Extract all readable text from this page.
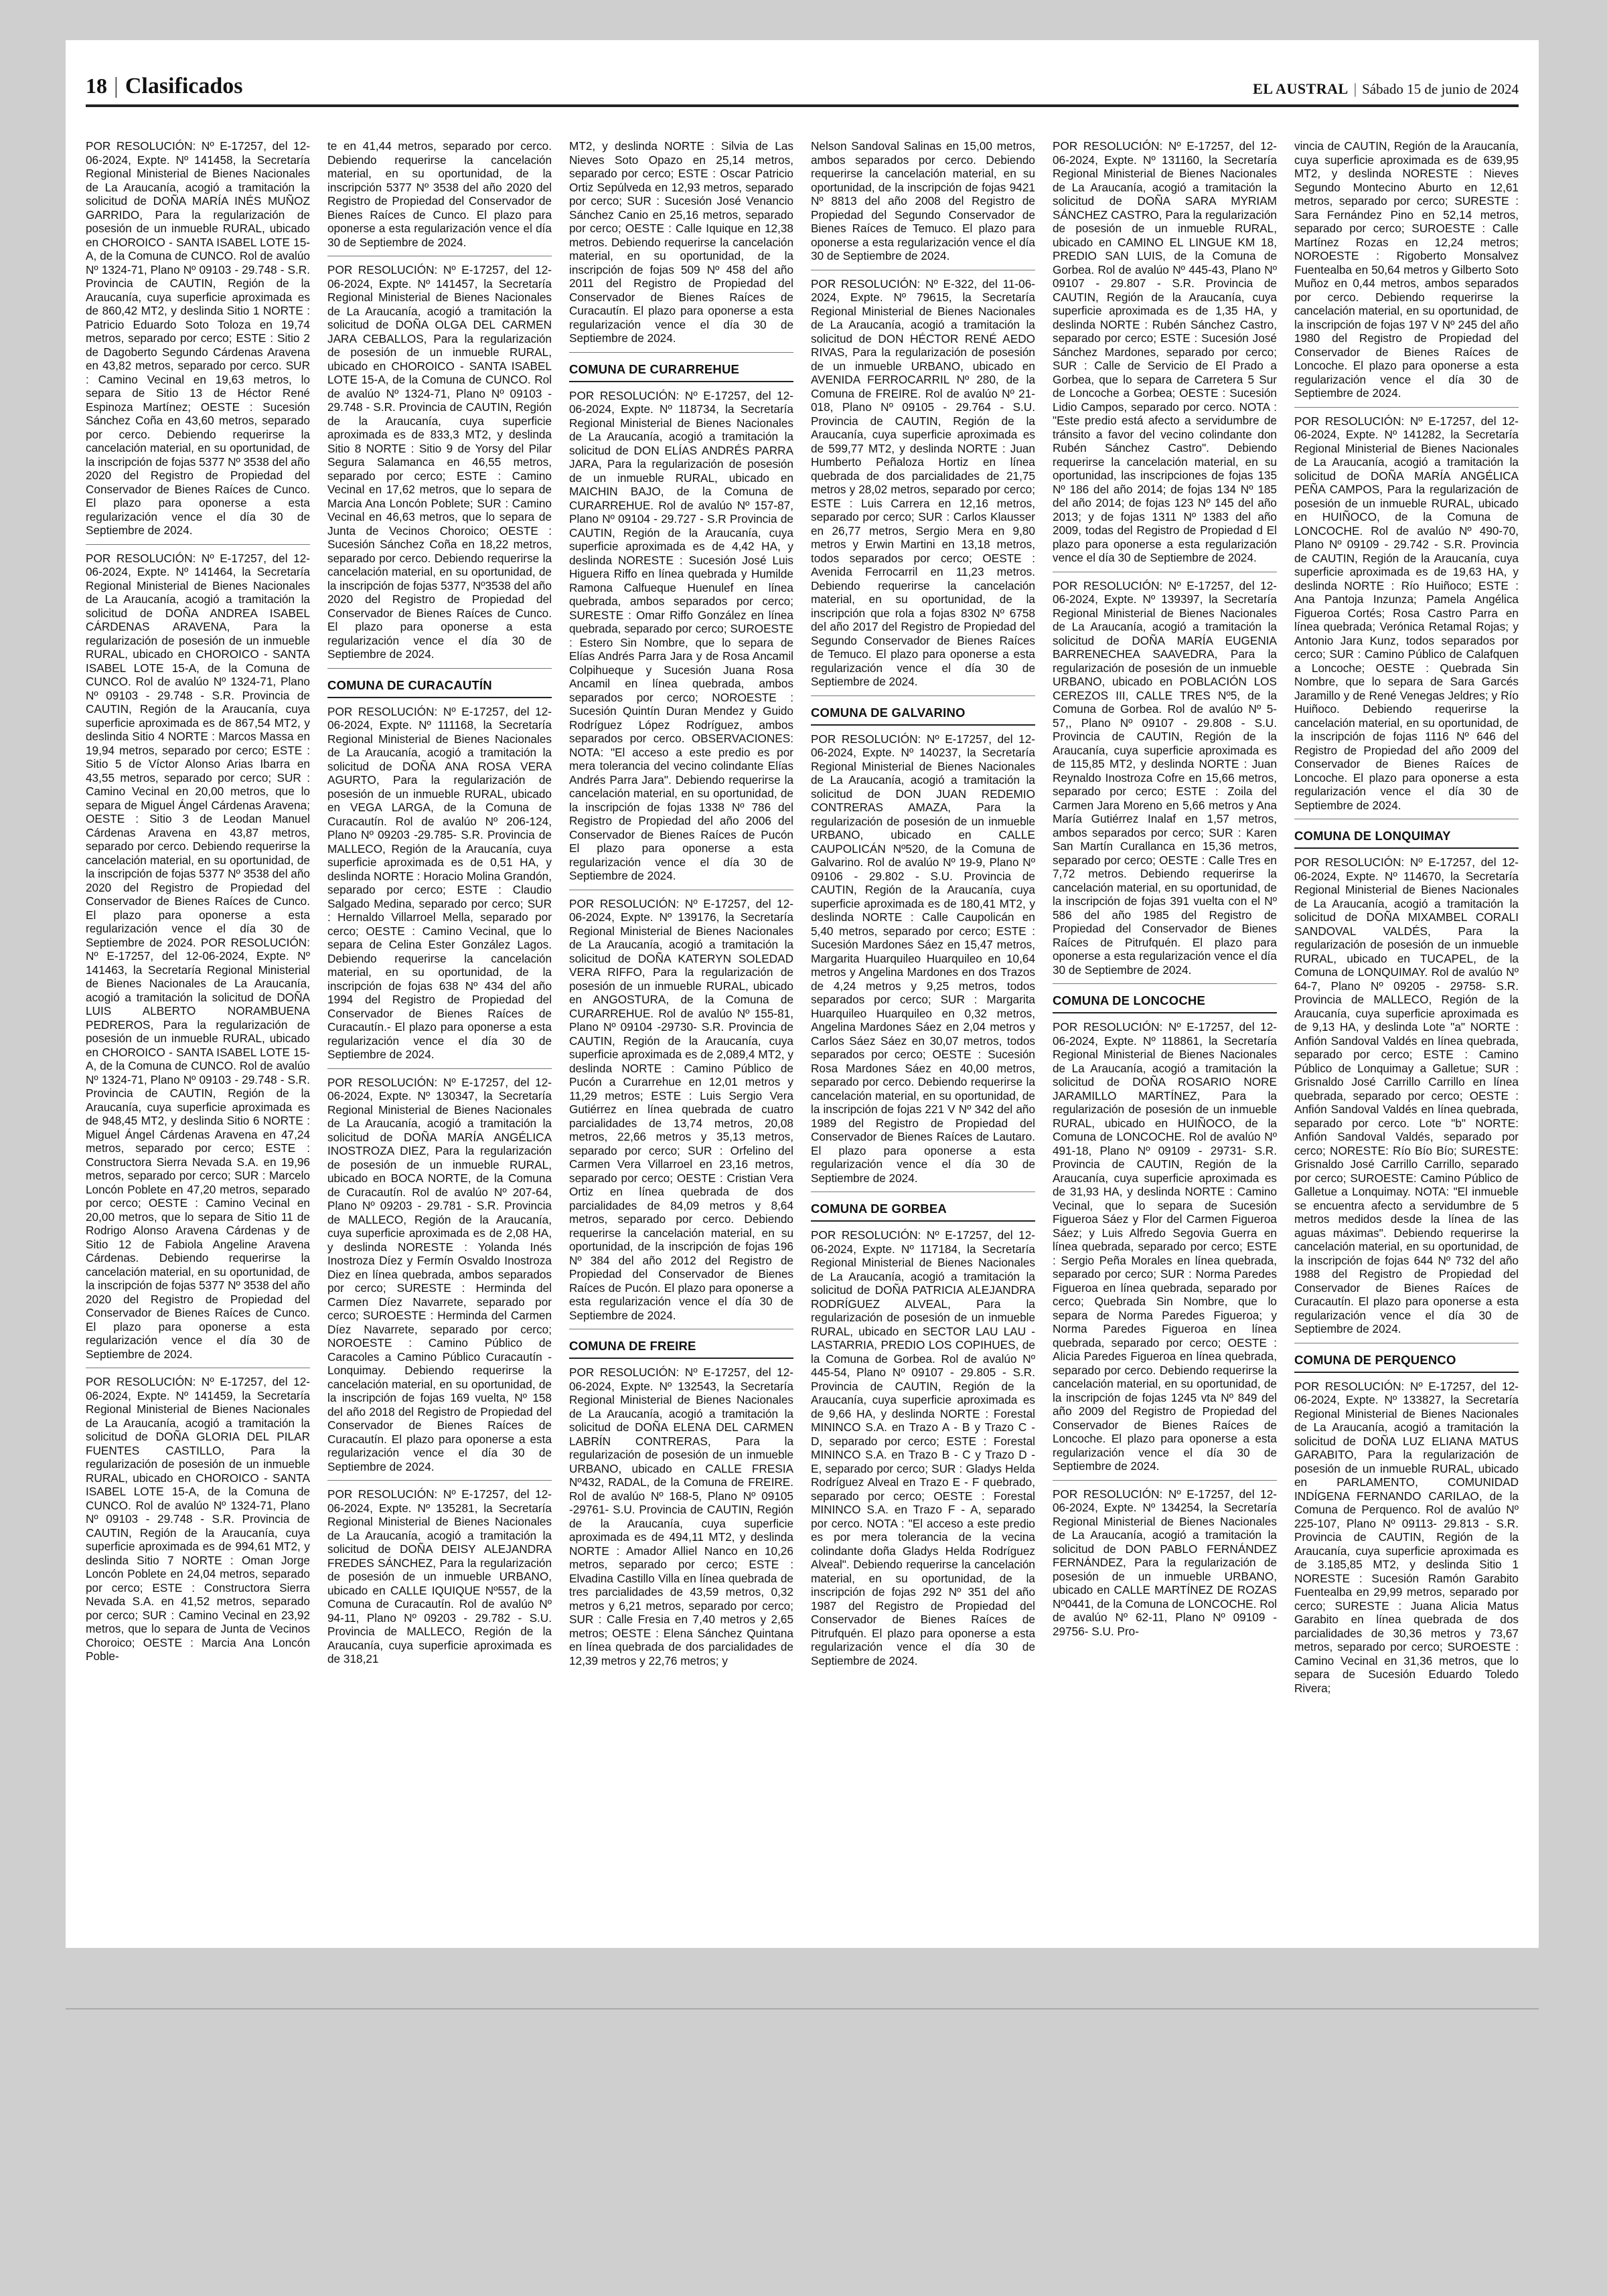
18 | Clasificados	EL AUSTRAL | Sábado 15 de junio de 2024
POR RESOLUCIÓN: Nº E-17257, del 12-06-2024, Expte. Nº 141458, la Secretaría Regional Ministerial de Bienes Nacionales de La Araucanía, acogió a tramitación la solicitud de DOÑA MARÍA INÉS MUÑOZ GARRIDO, Para la regularización de posesión de un inmueble RURAL, ubicado en CHOROICO - SANTA ISABEL LOTE 15-A, de la Comuna de CUNCO. Rol de avalúo Nº 1324-71, Plano Nº 09103 - 29.748 - S.R. Provincia de CAUTIN, Región de la Araucanía, cuya superficie aproximada es de 860,42 MT2, y deslinda Sitio 1 NORTE : Patricio Eduardo Soto Toloza en 19,74 metros, separado por cerco; ESTE : Sitio 2 de Dagoberto Segundo Cárdenas Aravena en 43,82 metros, separado por cerco. SUR : Camino Vecinal en 19,63 metros, lo separa de Sitio 13 de Héctor René Espinoza Martínez; OESTE : Sucesión Sánchez Coña en 43,60 metros, separado por cerco. Debiendo requerirse la cancelación material, en su oportunidad, de la inscripción de fojas 5377 Nº 3538 del año 2020 del Registro de Propiedad del Conservador de Bienes Raíces de Cunco. El plazo para oponerse a esta regularización vence el día 30 de Septiembre de 2024.
POR RESOLUCIÓN: Nº E-17257, del 12-06-2024, Expte. Nº 141464, la Secretaría Regional Ministerial de Bienes Nacionales de La Araucanía, acogió a tramitación la solicitud de DOÑA ANDREA ISABEL CÁRDENAS ARAVENA, Para la regularización de posesión de un inmueble RURAL, ubicado en CHOROICO - SANTA ISABEL LOTE 15-A, de la Comuna de CUNCO. Rol de avalúo Nº 1324-71, Plano Nº 09103 - 29.748 - S.R. Provincia de CAUTIN, Región de la Araucanía, cuya superficie aproximada es de 867,54 MT2, y deslinda Sitio 4 NORTE : Marcos Massa en 19,94 metros, separado por cerco; ESTE : Sitio 5 de Víctor Alonso Arias Ibarra en 43,55 metros, separado por cerco; SUR : Camino Vecinal en 20,00 metros, que lo separa de Miguel Ángel Cárdenas Aravena; OESTE : Sitio 3 de Leodan Manuel Cárdenas Aravena en 43,87 metros, separado por cerco. Debiendo requerirse la cancelación material, en su oportunidad, de la inscripción de fojas 5377 Nº 3538 del año 2020 del Registro de Propiedad del Conservador de Bienes Raíces de Cunco. El plazo para oponerse a esta regularización vence el día 30 de Septiembre de 2024. POR RESOLUCIÓN: Nº E-17257, del 12-06-2024, Expte. Nº 141463, la Secretaría Regional Ministerial de Bienes Nacionales de La Araucanía, acogió a tramitación la solicitud de DOÑA LUIS ALBERTO NORAMBUENA PEDREROS, Para la regularización de posesión de un inmueble RURAL, ubicado en CHOROICO - SANTA ISABEL LOTE 15-A, de la Comuna de CUNCO. Rol de avalúo Nº 1324-71, Plano Nº 09103 - 29.748 - S.R. Provincia de CAUTIN, Región de la Araucanía, cuya superficie aproximada es de 948,45 MT2, y deslinda Sitio 6 NORTE : Miguel Ángel Cárdenas Aravena en 47,24 metros, separado por cerco; ESTE : Constructora Sierra Nevada S.A. en 19,96 metros, separado por cerco; SUR : Marcelo Loncón Poblete en 47,20 metros, separado por cerco; OESTE : Camino Vecinal en 20,00 metros, que lo separa de Sitio 11 de Rodrigo Alonso Aravena Cárdenas y de Sitio 12 de Fabiola Angeline Aravena Cárdenas. Debiendo requerirse la cancelación material, en su oportunidad, de la inscripción de fojas 5377 Nº 3538 del año 2020 del Registro de Propiedad del Conservador de Bienes Raíces de Cunco. El plazo para oponerse a esta regularización vence el día 30 de Septiembre de 2024.
POR RESOLUCIÓN: Nº E-17257, del 12-06-2024, Expte. Nº 141459, la Secretaría Regional Ministerial de Bienes Nacionales de La Araucanía, acogió a tramitación la solicitud de DOÑA GLORIA DEL PILAR FUENTES CASTILLO, Para la regularización de posesión de un inmueble RURAL, ubicado en CHOROICO - SANTA ISABEL LOTE 15-A, de la Comuna de CUNCO. Rol de avalúo Nº 1324-71, Plano Nº 09103 - 29.748 - S.R. Provincia de CAUTIN, Región de la Araucanía, cuya superficie aproximada es de 994,61 MT2, y deslinda Sitio 7 NORTE : Oman Jorge Loncón Poblete en 24,04 metros, separado por cerco; ESTE : Constructora Sierra Nevada S.A. en 41,52 metros, separado por cerco; SUR : Camino Vecinal en 23,92 metros, que lo separa de Junta de Vecinos Choroico; OESTE : Marcia Ana Loncón Poble-
te en 41,44 metros, separado por cerco. Debiendo requerirse la cancelación material, en su oportunidad, de la inscripción 5377 Nº 3538 del año 2020 del Registro de Propiedad del Conservador de Bienes Raíces de Cunco. El plazo para oponerse a esta regularización vence el día 30 de Septiembre de 2024.
POR RESOLUCIÓN: Nº E-17257, del 12-06-2024, Expte. Nº 141457, la Secretaría Regional Ministerial de Bienes Nacionales de La Araucanía, acogió a tramitación la solicitud de DOÑA OLGA DEL CARMEN JARA CEBALLOS, Para la regularización de posesión de un inmueble RURAL, ubicado en CHOROICO - SANTA ISABEL LOTE 15-A, de la Comuna de CUNCO. Rol de avalúo Nº 1324-71, Plano Nº 09103 - 29.748 - S.R. Provincia de CAUTIN, Región de la Araucanía, cuya superficie aproximada es de 833,3 MT2, y deslinda Sitio 8 NORTE : Sitio 9 de Yorsy del Pilar Segura Salamanca en 46,55 metros, separado por cerco; ESTE : Camino Vecinal en 17,62 metros, que lo separa de Marcia Ana Loncón Poblete; SUR : Camino Vecinal en 46,63 metros, que lo separa de Junta de Vecinos Choroico; OESTE : Sucesión Sánchez Coña en 18,22 metros, separado por cerco. Debiendo requerirse la cancelación material, en su oportunidad, de la inscripción de fojas 5377, Nº3538 del año 2020 del Registro de Propiedad del Conservador de Bienes Raíces de Cunco. El plazo para oponerse a esta regularización vence el día 30 de Septiembre de 2024.
COMUNA DE CURACAUTÍN
POR RESOLUCIÓN: Nº E-17257, del 12-06-2024, Expte. Nº 111168, la Secretaría Regional Ministerial de Bienes Nacionales de La Araucanía, acogió a tramitación la solicitud de DOÑA ANA ROSA VERA AGURTO, Para la regularización de posesión de un inmueble RURAL, ubicado en VEGA LARGA, de la Comuna de Curacautín. Rol de avalúo Nº 206-124, Plano Nº 09203 -29.785- S.R. Provincia de MALLECO, Región de la Araucanía, cuya superficie aproximada es de 0,51 HA, y deslinda NORTE : Horacio Molina Grandón, separado por cerco; ESTE : Claudio Salgado Medina, separado por cerco; SUR : Hernaldo Villarroel Mella, separado por cerco; OESTE : Camino Vecinal, que lo separa de Celina Ester González Lagos. Debiendo requerirse la cancelación material, en su oportunidad, de la inscripción de fojas 638 Nº 434 del año 1994 del Registro de Propiedad del Conservador de Bienes Raíces de Curacautín.- El plazo para oponerse a esta regularización vence el día 30 de Septiembre de 2024.
POR RESOLUCIÓN: Nº E-17257, del 12-06-2024, Expte. Nº 130347, la Secretaría Regional Ministerial de Bienes Nacionales de La Araucanía, acogió a tramitación la solicitud de DOÑA MARÍA ANGÉLICA INOSTROZA DIEZ, Para la regularización de posesión de un inmueble RURAL, ubicado en BOCA NORTE, de la Comuna de Curacautín. Rol de avalúo Nº 207-64, Plano Nº 09203 - 29.781 - S.R. Provincia de MALLECO, Región de la Araucanía, cuya superficie aproximada es de 2,08 HA, y deslinda NORESTE : Yolanda Inés Inostroza Díez y Fermín Osvaldo Inostroza Diez en línea quebrada, ambos separados por cerco; SURESTE : Herminda del Carmen Díez Navarrete, separado por cerco; SUROESTE : Herminda del Carmen Díez Navarrete, separado por cerco; NOROESTE : Camino Público de Caracoles a Camino Público Curacautín - Lonquimay. Debiendo requerirse la cancelación material, en su oportunidad, de la inscripción de fojas 169 vuelta, Nº 158 del año 2018 del Registro de Propiedad del Conservador de Bienes Raíces de Curacautín. El plazo para oponerse a esta regularización vence el día 30 de Septiembre de 2024.
POR RESOLUCIÓN: Nº E-17257, del 12-06-2024, Expte. Nº 135281, la Secretaría Regional Ministerial de Bienes Nacionales de La Araucanía, acogió a tramitación la solicitud de DOÑA DEISY ALEJANDRA FREDES SÁNCHEZ, Para la regularización de posesión de un inmueble URBANO, ubicado en CALLE IQUIQUE Nº557, de la Comuna de Curacautín. Rol de avalúo Nº 94-11, Plano Nº 09203 - 29.782 - S.U. Provincia de MALLECO, Región de la Araucanía, cuya superficie aproximada es de 318,21
MT2, y deslinda NORTE : Silvia de Las Nieves Soto Opazo en 25,14 metros, separado por cerco; ESTE : Oscar Patricio Ortiz Sepúlveda en 12,93 metros, separado por cerco; SUR : Sucesión José Venancio Sánchez Canio en 25,16 metros, separado por cerco; OESTE : Calle Iquique en 12,38 metros. Debiendo requerirse la cancelación material, en su oportunidad, de la inscripción de fojas 509 Nº 458 del año 2011 del Registro de Propiedad del Conservador de Bienes Raíces de Curacautín. El plazo para oponerse a esta regularización vence el día 30 de Septiembre de 2024.
COMUNA DE CURARREHUE
POR RESOLUCIÓN: Nº E-17257, del 12-06-2024, Expte. Nº 118734, la Secretaría Regional Ministerial de Bienes Nacionales de La Araucanía, acogió a tramitación la solicitud de DON ELÍAS ANDRÉS PARRA JARA, Para la regularización de posesión de un inmueble RURAL, ubicado en MAICHIN BAJO, de la Comuna de CURARREHUE. Rol de avalúo Nº 157-87, Plano Nº 09104 - 29.727 - S.R Provincia de CAUTIN, Región de la Araucanía, cuya superficie aproximada es de 4,42 HA, y deslinda NORESTE : Sucesión José Luis Higuera Riffo en línea quebrada y Humilde Ramona Calfueque Huenulef en línea quebrada, ambos separados por cerco; SURESTE : Omar Riffo González en línea quebrada, separado por cerco; SUROESTE : Estero Sin Nombre, que lo separa de Elías Andrés Parra Jara y de Rosa Ancamil Colpihueque y Sucesión Juana Rosa Ancamil en línea quebrada, ambos separados por cerco; NOROESTE : Sucesión Quintín Duran Mendez y Guido Rodríguez López Rodríguez, ambos separados por cerco. OBSERVACIONES: NOTA: "El acceso a este predio es por mera tolerancia del vecino colindante Elías Andrés Parra Jara". Debiendo requerirse la cancelación material, en su oportunidad, de la inscripción de fojas 1338 Nº 786 del Registro de Propiedad del año 2006 del Conservador de Bienes Raíces de Pucón El plazo para oponerse a esta regularización vence el día 30 de Septiembre de 2024.
POR RESOLUCIÓN: Nº E-17257, del 12-06-2024, Expte. Nº 139176, la Secretaría Regional Ministerial de Bienes Nacionales de La Araucanía, acogió a tramitación la solicitud de DOÑA KATERYN SOLEDAD VERA RIFFO, Para la regularización de posesión de un inmueble RURAL, ubicado en ANGOSTURA, de la Comuna de CURARREHUE. Rol de avalúo Nº 155-81, Plano Nº 09104 -29730- S.R. Provincia de CAUTIN, Región de la Araucanía, cuya superficie aproximada es de 2,089,4 MT2, y deslinda NORTE : Camino Público de Pucón a Curarrehue en 12,01 metros y 11,29 metros; ESTE : Luis Sergio Vera Gutiérrez en línea quebrada de cuatro parcialidades de 13,74 metros, 20,08 metros, 22,66 metros y 35,13 metros, separado por cerco; SUR : Orfelino del Carmen Vera Villarroel en 23,16 metros, separado por cerco; OESTE : Cristian Vera Ortiz en línea quebrada de dos parcialidades de 84,09 metros y 8,64 metros, separado por cerco. Debiendo requerirse la cancelación material, en su oportunidad, de la inscripción de fojas 196 Nº 384 del año 2012 del Registro de Propiedad del Conservador de Bienes Raíces de Pucón. El plazo para oponerse a esta regularización vence el día 30 de Septiembre de 2024.
COMUNA DE FREIRE
POR RESOLUCIÓN: Nº E-17257, del 12-06-2024, Expte. Nº 132543, la Secretaría Regional Ministerial de Bienes Nacionales de La Araucanía, acogió a tramitación la solicitud de DOÑA ELENA DEL CARMEN LABRÍN CONTRERAS, Para la regularización de posesión de un inmueble URBANO, ubicado en CALLE FRESIA Nº432, RADAL, de la Comuna de FREIRE. Rol de avalúo Nº 168-5, Plano Nº 09105 -29761- S.U. Provincia de CAUTIN, Región de la Araucanía, cuya superficie aproximada es de 494,11 MT2, y deslinda NORTE : Amador Alliel Nanco en 10,26 metros, separado por cerco; ESTE : Elvadina Castillo Villa en línea quebrada de tres parcialidades de 43,59 metros, 0,32 metros y 6,21 metros, separado por cerco; SUR : Calle Fresia en 7,40 metros y 2,65 metros; OESTE : Elena Sánchez Quintana en línea quebrada de dos parcialidades de 12,39 metros y 22,76 metros; y
Nelson Sandoval Salinas en 15,00 metros, ambos separados por cerco. Debiendo requerirse la cancelación material, en su oportunidad, de la inscripción de fojas 9421 Nº 8813 del año 2008 del Registro de Propiedad del Segundo Conservador de Bienes Raíces de Temuco. El plazo para oponerse a esta regularización vence el día 30 de Septiembre de 2024.
POR RESOLUCIÓN: Nº E-322, del 11-06-2024, Expte. Nº 79615, la Secretaría Regional Ministerial de Bienes Nacionales de La Araucanía, acogió a tramitación la solicitud de DON HÉCTOR RENÉ AEDO RIVAS, Para la regularización de posesión de un inmueble URBANO, ubicado en AVENIDA FERROCARRIL Nº 280, de la Comuna de FREIRE. Rol de avalúo Nº 21-018, Plano Nº 09105 - 29.764 - S.U. Provincia de CAUTIN, Región de la Araucanía, cuya superficie aproximada es de 599,77 MT2, y deslinda NORTE : Juan Humberto Peñaloza Hortiz en línea quebrada de dos parcialidades de 21,75 metros y 28,02 metros, separado por cerco; ESTE : Luis Carrera en 12,16 metros, separado por cerco; SUR : Carlos Klausser en 26,77 metros, Sergio Mera en 9,80 metros y Erwin Martini en 13,18 metros, todos separados por cerco; OESTE : Avenida Ferrocarril en 11,23 metros. Debiendo requerirse la cancelación material, en su oportunidad, de la inscripción que rola a fojas 8302 Nº 6758 del año 2017 del Registro de Propiedad del Segundo Conservador de Bienes Raíces de Temuco. El plazo para oponerse a esta regularización vence el día 30 de Septiembre de 2024.
COMUNA DE GALVARINO
POR RESOLUCIÓN: Nº E-17257, del 12-06-2024, Expte. Nº 140237, la Secretaría Regional Ministerial de Bienes Nacionales de La Araucanía, acogió a tramitación la solicitud de DON JUAN REDEMIO CONTRERAS AMAZA, Para la regularización de posesión de un inmueble URBANO, ubicado en CALLE CAUPOLICÁN Nº520, de la Comuna de Galvarino. Rol de avalúo Nº 19-9, Plano Nº 09106 - 29.802 - S.U. Provincia de CAUTIN, Región de la Araucanía, cuya superficie aproximada es de 180,41 MT2, y deslinda NORTE : Calle Caupolicán en 5,40 metros, separado por cerco; ESTE : Sucesión Mardones Sáez en 15,47 metros, Margarita Huarquileo Huarquileo en 10,64 metros y Angelina Mardones en dos Trazos de 4,24 metros y 9,25 metros, todos separados por cerco; SUR : Margarita Huarquileo Huarquileo en 0,32 metros, Angelina Mardones Sáez en 2,04 metros y Carlos Sáez Sáez en 30,07 metros, todos separados por cerco; OESTE : Sucesión Rosa Mardones Sáez en 40,00 metros, separado por cerco. Debiendo requerirse la cancelación material, en su oportunidad, de la inscripción de fojas 221 V Nº 342 del año 1989 del Registro de Propiedad del Conservador de Bienes Raíces de Lautaro. El plazo para oponerse a esta regularización vence el día 30 de Septiembre de 2024.
COMUNA DE GORBEA
POR RESOLUCIÓN: Nº E-17257, del 12-06-2024, Expte. Nº 117184, la Secretaría Regional Ministerial de Bienes Nacionales de La Araucanía, acogió a tramitación la solicitud de DOÑA PATRICIA ALEJANDRA RODRÍGUEZ ALVEAL, Para la regularización de posesión de un inmueble RURAL, ubicado en SECTOR LAU LAU - LASTARRIA, PREDIO LOS COPIHUES, de la Comuna de Gorbea. Rol de avalúo Nº 445-54, Plano Nº 09107 - 29.805 - S.R. Provincia de CAUTIN, Región de la Araucanía, cuya superficie aproximada es de 9,66 HA, y deslinda NORTE : Forestal MININCO S.A. en Trazo A - B y Trazo C - D, separado por cerco; ESTE : Forestal MININCO S.A. en Trazo B - C y Trazo D - E, separado por cerco; SUR : Gladys Helda Rodríguez Alveal en Trazo E - F quebrado, separado por cerco; OESTE : Forestal MININCO S.A. en Trazo F - A, separado por cerco. NOTA : "El acceso a este predio es por mera tolerancia de la vecina colindante doña Gladys Helda Rodríguez Alveal". Debiendo requerirse la cancelación material, en su oportunidad, de la inscripción de fojas 292 Nº 351 del año 1987 del Registro de Propiedad del Conservador de Bienes Raíces de Pitrufquén. El plazo para oponerse a esta regularización vence el día 30 de Septiembre de 2024.
POR RESOLUCIÓN: Nº E-17257, del 12-06-2024, Expte. Nº 131160, la Secretaría Regional Ministerial de Bienes Nacionales de La Araucanía, acogió a tramitación la solicitud de DOÑA SARA MYRIAM SÁNCHEZ CASTRO, Para la regularización de posesión de un inmueble RURAL, ubicado en CAMINO EL LINGUE KM 18, PREDIO SAN LUIS, de la Comuna de Gorbea. Rol de avalúo Nº 445-43, Plano Nº 09107 - 29.807 - S.R. Provincia de CAUTIN, Región de la Araucanía, cuya superficie aproximada es de 1,35 HA, y deslinda NORTE : Rubén Sánchez Castro, separado por cerco; ESTE : Sucesión José Sánchez Mardones, separado por cerco; SUR : Calle de Servicio de El Prado a Gorbea, que lo separa de Carretera 5 Sur de Loncoche a Gorbea; OESTE : Sucesión Lidio Campos, separado por cerco. NOTA : "Este predio está afecto a servidumbre de tránsito a favor del vecino colindante don Rubén Sánchez Castro". Debiendo requerirse la cancelación material, en su oportunidad, las inscripciones de fojas 135 Nº 186 del año 2014; de fojas 134 Nº 185 del año 2014; de fojas 123 Nº 145 del año 2013; y de fojas 1311 Nº 1383 del año 2009, todas del Registro de Propiedad d El plazo para oponerse a esta regularización vence el día 30 de Septiembre de 2024.
POR RESOLUCIÓN: Nº E-17257, del 12-06-2024, Expte. Nº 139397, la Secretaría Regional Ministerial de Bienes Nacionales de La Araucanía, acogió a tramitación la solicitud de DOÑA MARÍA EUGENIA BARRENECHEA SAAVEDRA, Para la regularización de posesión de un inmueble URBANO, ubicado en POBLACIÓN LOS CEREZOS III, CALLE TRES Nº5, de la Comuna de Gorbea. Rol de avalúo Nº 5-57,, Plano Nº 09107 - 29.808 - S.U. Provincia de CAUTIN, Región de la Araucanía, cuya superficie aproximada es de 115,85 MT2, y deslinda NORTE : Juan Reynaldo Inostroza Cofre en 15,66 metros, separado por cerco; ESTE : Zoila del Carmen Jara Moreno en 5,66 metros y Ana María Gutiérrez Inalaf en 1,57 metros, ambos separados por cerco; SUR : Karen San Martín Curallanca en 15,36 metros, separado por cerco; OESTE : Calle Tres en 7,72 metros. Debiendo requerirse la cancelación material, en su oportunidad, de la inscripción de fojas 391 vuelta con el Nº 586 del año 1985 del Registro de Propiedad del Conservador de Bienes Raíces de Pitrufquén. El plazo para oponerse a esta regularización vence el día 30 de Septiembre de 2024.
COMUNA DE LONCOCHE
POR RESOLUCIÓN: Nº E-17257, del 12-06-2024, Expte. Nº 118861, la Secretaría Regional Ministerial de Bienes Nacionales de La Araucanía, acogió a tramitación la solicitud de DOÑA ROSARIO NORE JARAMILLO MARTÍNEZ, Para la regularización de posesión de un inmueble RURAL, ubicado en HUIÑOCO, de la Comuna de LONCOCHE. Rol de avalúo Nº 491-18, Plano Nº 09109 - 29731- S.R. Provincia de CAUTIN, Región de la Araucanía, cuya superficie aproximada es de 31,93 HA, y deslinda NORTE : Camino Vecinal, que lo separa de Sucesión Figueroa Sáez y Flor del Carmen Figueroa Sáez; y Luis Alfredo Segovia Guerra en línea quebrada, separado por cerco; ESTE : Sergio Peña Morales en línea quebrada, separado por cerco; SUR : Norma Paredes Figueroa en línea quebrada, separado por cerco; Quebrada Sin Nombre, que lo separa de Norma Paredes Figueroa; y Norma Paredes Figueroa en línea quebrada, separado por cerco; OESTE : Alicia Paredes Figueroa en línea quebrada, separado por cerco. Debiendo requerirse la cancelación material, en su oportunidad, de la inscripción de fojas 1245 vta Nº 849 del año 2009 del Registro de Propiedad del Conservador de Bienes Raíces de Loncoche. El plazo para oponerse a esta regularización vence el día 30 de Septiembre de 2024.
POR RESOLUCIÓN: Nº E-17257, del 12-06-2024, Expte. Nº 134254, la Secretaría Regional Ministerial de Bienes Nacionales de La Araucanía, acogió a tramitación la solicitud de DON PABLO FERNÁNDEZ FERNÁNDEZ, Para la regularización de posesión de un inmueble URBANO, ubicado en CALLE MARTÍNEZ DE ROZAS Nº0441, de la Comuna de LONCOCHE. Rol de avalúo Nº 62-11, Plano Nº 09109 - 29756- S.U. Pro-
vincia de CAUTIN, Región de la Araucanía, cuya superficie aproximada es de 639,95 MT2, y deslinda NORESTE : Nieves Segundo Montecino Aburto en 12,61 metros, separado por cerco; SURESTE : Sara Fernández Pino en 52,14 metros, separado por cerco; SUROESTE : Calle Martínez Rozas en 12,24 metros; NOROESTE : Rigoberto Monsalvez Fuentealba en 50,64 metros y Gilberto Soto Muñoz en 0,44 metros, ambos separados por cerco. Debiendo requerirse la cancelación material, en su oportunidad, de la inscripción de fojas 197 V Nº 245 del año 1980 del Registro de Propiedad del Conservador de Bienes Raíces de Loncoche. El plazo para oponerse a esta regularización vence el día 30 de Septiembre de 2024.
POR RESOLUCIÓN: Nº E-17257, del 12-06-2024, Expte. Nº 141282, la Secretaría Regional Ministerial de Bienes Nacionales de La Araucanía, acogió a tramitación la solicitud de DOÑA MARÍA ANGÉLICA PEÑA CAMPOS, Para la regularización de posesión de un inmueble RURAL, ubicado en HUIÑOCO, de la Comuna de LONCOCHE. Rol de avalúo Nº 490-70, Plano Nº 09109 - 29.742 - S.R. Provincia de CAUTIN, Región de la Araucanía, cuya superficie aproximada es de 19,63 HA, y deslinda NORTE : Río Huiñoco; ESTE : Ana Pantoja Inzunza; Pamela Angélica Figueroa Cortés; Rosa Castro Parra en línea quebrada; Verónica Retamal Rojas; y Antonio Jara Kunz, todos separados por cerco; SUR : Camino Público de Calafquen a Loncoche; OESTE : Quebrada Sin Nombre, que lo separa de Sara Garcés Jaramillo y de René Venegas Jeldres; y Río Huiñoco. Debiendo requerirse la cancelación material, en su oportunidad, de la inscripción de fojas 1116 Nº 646 del Registro de Propiedad del año 2009 del Conservador de Bienes Raíces de Loncoche. El plazo para oponerse a esta regularización vence el día 30 de Septiembre de 2024.
COMUNA DE LONQUIMAY
POR RESOLUCIÓN: Nº E-17257, del 12-06-2024, Expte. Nº 114670, la Secretaría Regional Ministerial de Bienes Nacionales de La Araucanía, acogió a tramitación la solicitud de DOÑA MIXAMBEL CORALI SANDOVAL VALDÉS, Para la regularización de posesión de un inmueble RURAL, ubicado en TUCAPEL, de la Comuna de LONQUIMAY. Rol de avalúo Nº 64-7, Plano Nº 09205 - 29758- S.R. Provincia de MALLECO, Región de la Araucanía, cuya superficie aproximada es de 9,13 HA, y deslinda Lote "a" NORTE : Anfión Sandoval Valdés en línea quebrada, separado por cerco; ESTE : Camino Público de Lonquimay a Galletue; SUR : Grisnaldo José Carrillo Carrillo en línea quebrada, separado por cerco; OESTE : Anfión Sandoval Valdés en línea quebrada, separado por cerco. Lote "b" NORTE: Anfión Sandoval Valdés, separado por cerco; NORESTE: Río Bío Bío; SURESTE: Grisnaldo José Carrillo Carrillo, separado por cerco; SUROESTE: Camino Público de Galletue a Lonquimay. NOTA: "El inmueble se encuentra afecto a servidumbre de 5 metros medidos desde la línea de las aguas máximas". Debiendo requerirse la cancelación material, en su oportunidad, de la inscripción de fojas 644 Nº 732 del año 1988 del Registro de Propiedad del Conservador de Bienes Raíces de Curacautín. El plazo para oponerse a esta regularización vence el día 30 de Septiembre de 2024.
COMUNA DE PERQUENCO
POR RESOLUCIÓN: Nº E-17257, del 12-06-2024, Expte. Nº 133827, la Secretaría Regional Ministerial de Bienes Nacionales de La Araucanía, acogió a tramitación la solicitud de DOÑA LUZ ELIANA MATUS GARABITO, Para la regularización de posesión de un inmueble RURAL, ubicado en PARLAMENTO, COMUNIDAD INDÍGENA FERNANDO CARILAO, de la Comuna de Perquenco. Rol de avalúo Nº 225-107, Plano Nº 09113- 29.813 - S.R. Provincia de CAUTIN, Región de la Araucanía, cuya superficie aproximada es de 3.185,85 MT2, y deslinda Sitio 1 NORESTE : Sucesión Ramón Garabito Fuentealba en 29,99 metros, separado por cerco; SURESTE : Juana Alicia Matus Garabito en línea quebrada de dos parcialidades de 30,36 metros y 73,67 metros, separado por cerco; SUROESTE : Camino Vecinal en 31,36 metros, que lo separa de Sucesión Eduardo Toledo Rivera;
